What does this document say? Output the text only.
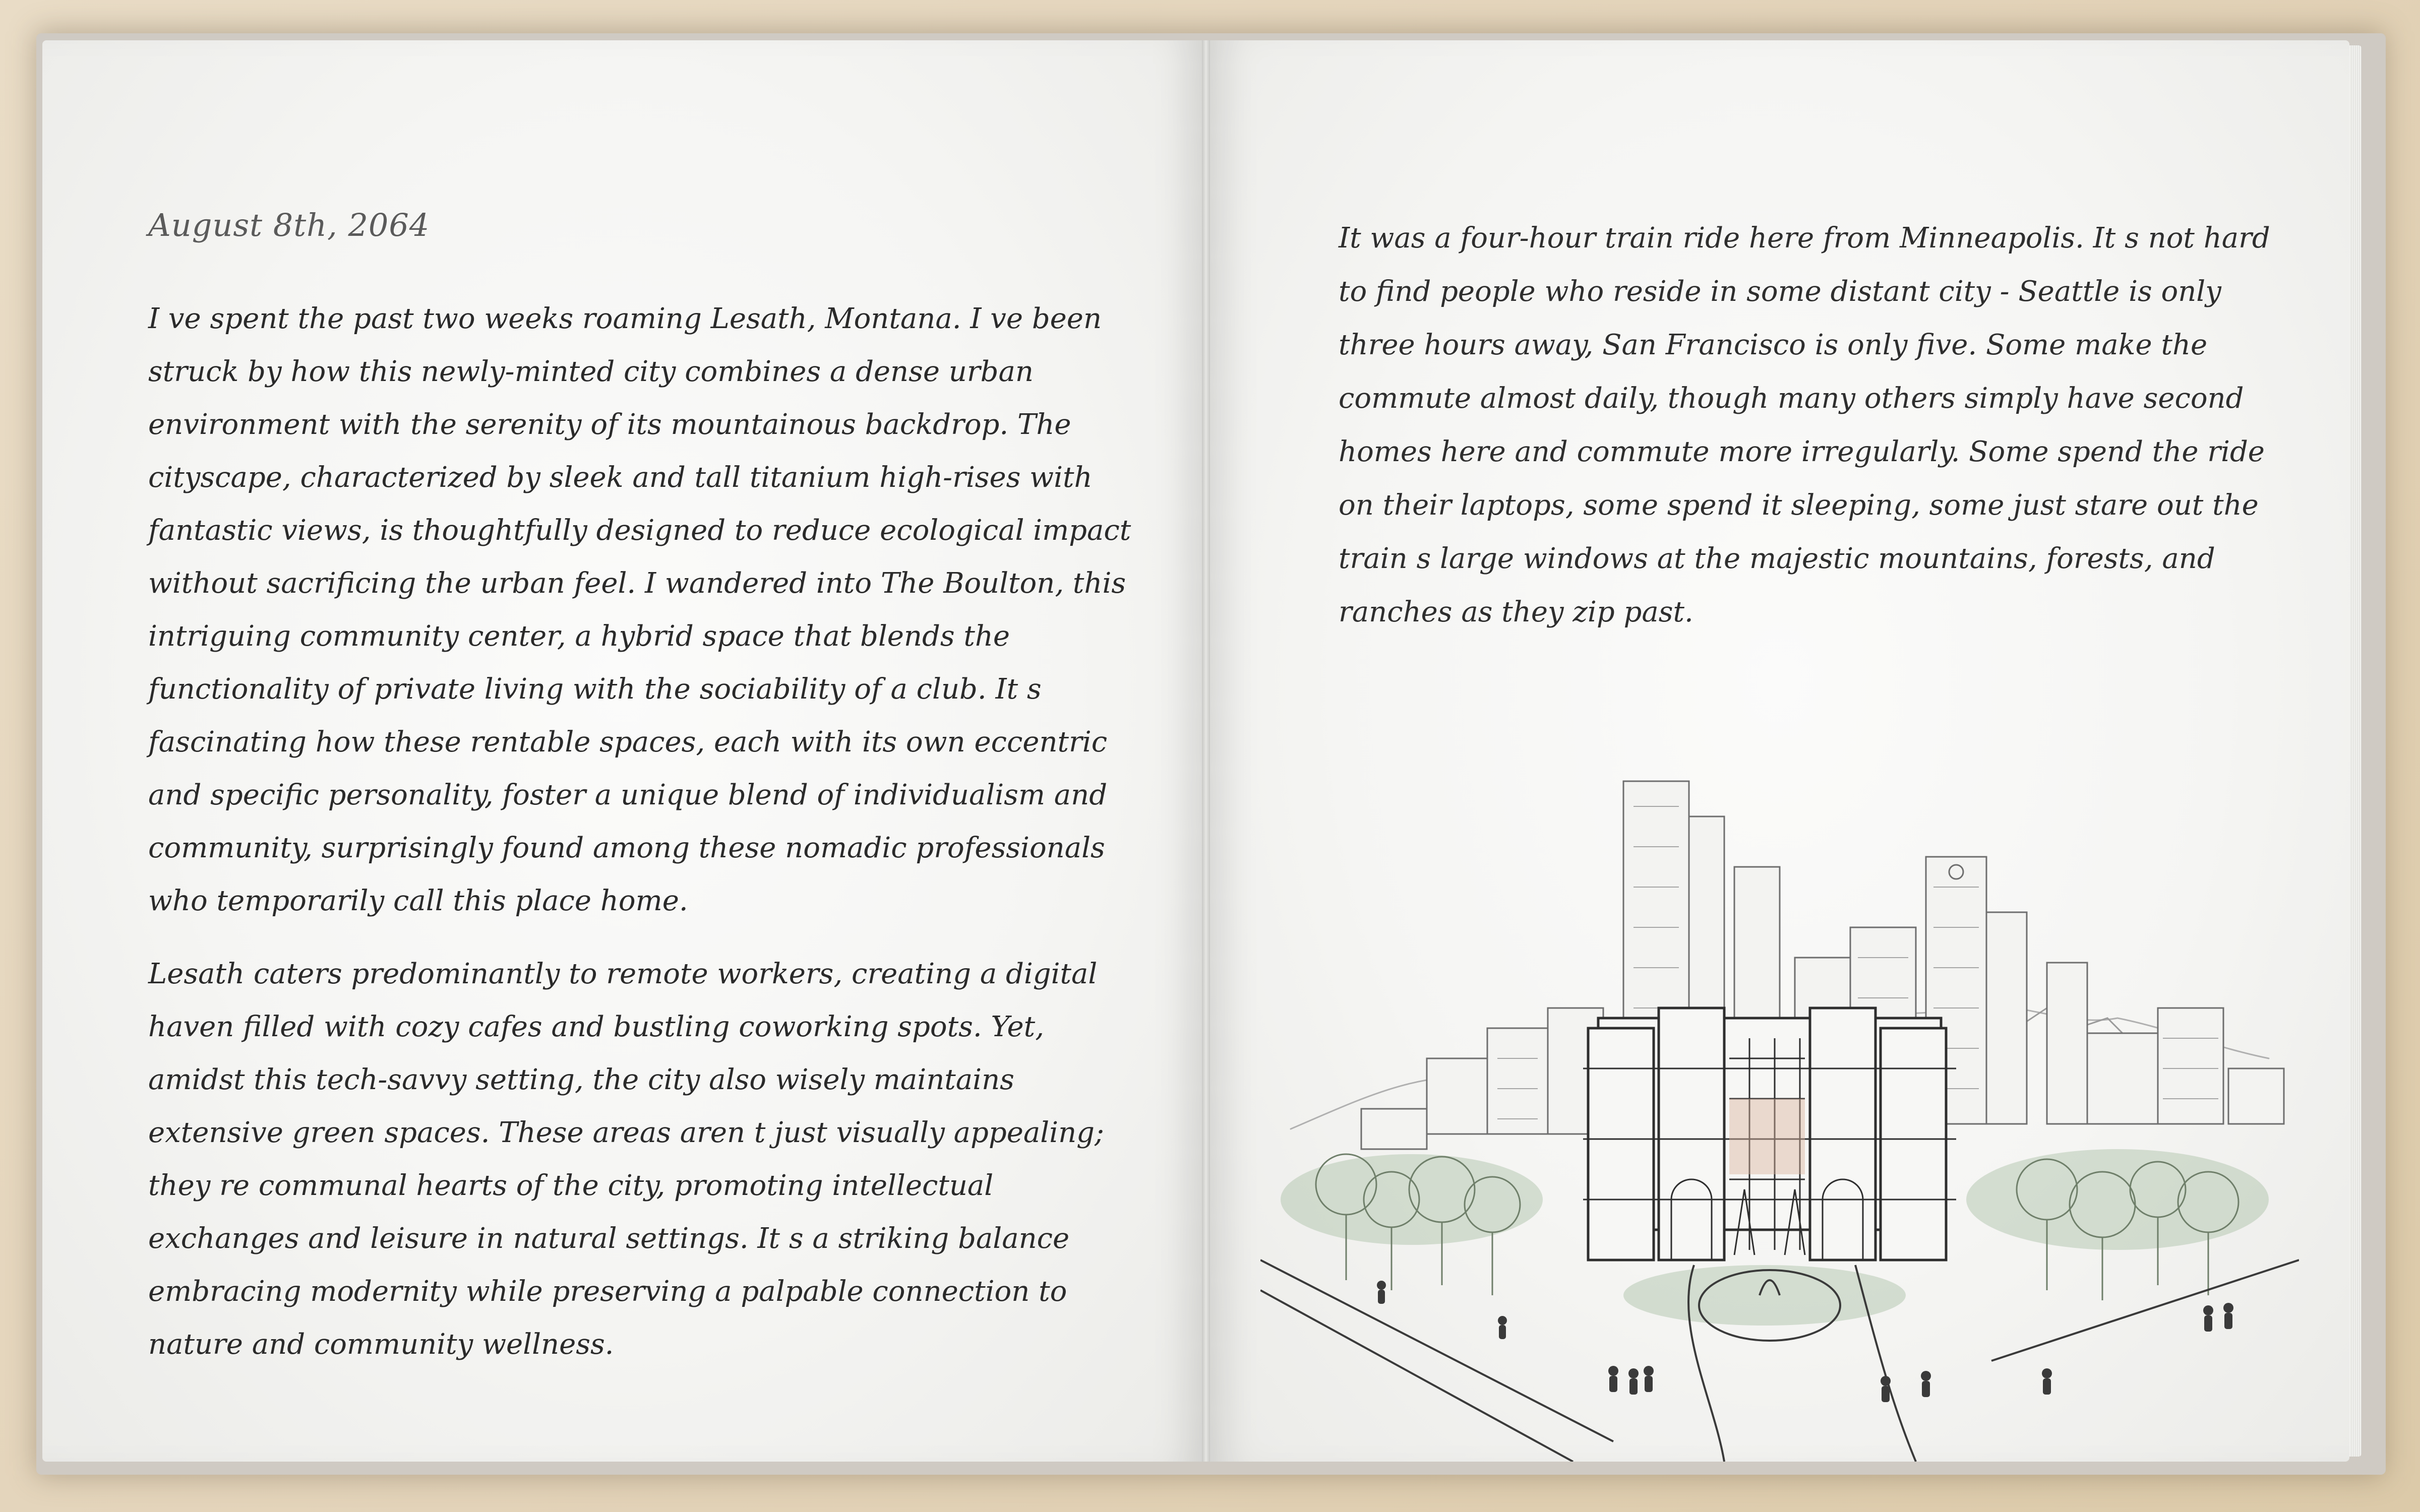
August 8th, 2064

I ve spent the past two weeks roaming Lesath, Montana. I ve been struck by how this newly-minted city combines a dense urban environment with the serenity of its mountainous backdrop. The cityscape, characterized by sleek and tall titanium high-rises with fantastic views, is thoughtfully designed to reduce ecological impact without sacrificing the urban feel. I wandered into The Boulton, this intriguing community center, a hybrid space that blends the functionality of private living with the sociability of a club. It s fascinating how these rentable spaces, each with its own eccentric and specific personality, foster a unique blend of individualism and community, surprisingly found among these nomadic professionals who temporarily call this place home.

Lesath caters predominantly to remote workers, creating a digital haven filled with cozy cafes and bustling coworking spots. Yet, amidst this tech-savvy setting, the city also wisely maintains extensive green spaces. These areas aren t just visually appealing; they re communal hearts of the city, promoting intellectual exchanges and leisure in natural settings. It s a striking balance embracing modernity while preserving a palpable connection to nature and community wellness.

It was a four-hour train ride here from Minneapolis. It s not hard to find people who reside in some distant city - Seattle is only three hours away, San Francisco is only five. Some make the commute almost daily, though many others simply have second homes here and commute more irregularly. Some spend the ride on their laptops, some spend it sleeping, some just stare out the train s large windows at the majestic mountains, forests, and ranches as they zip past.
